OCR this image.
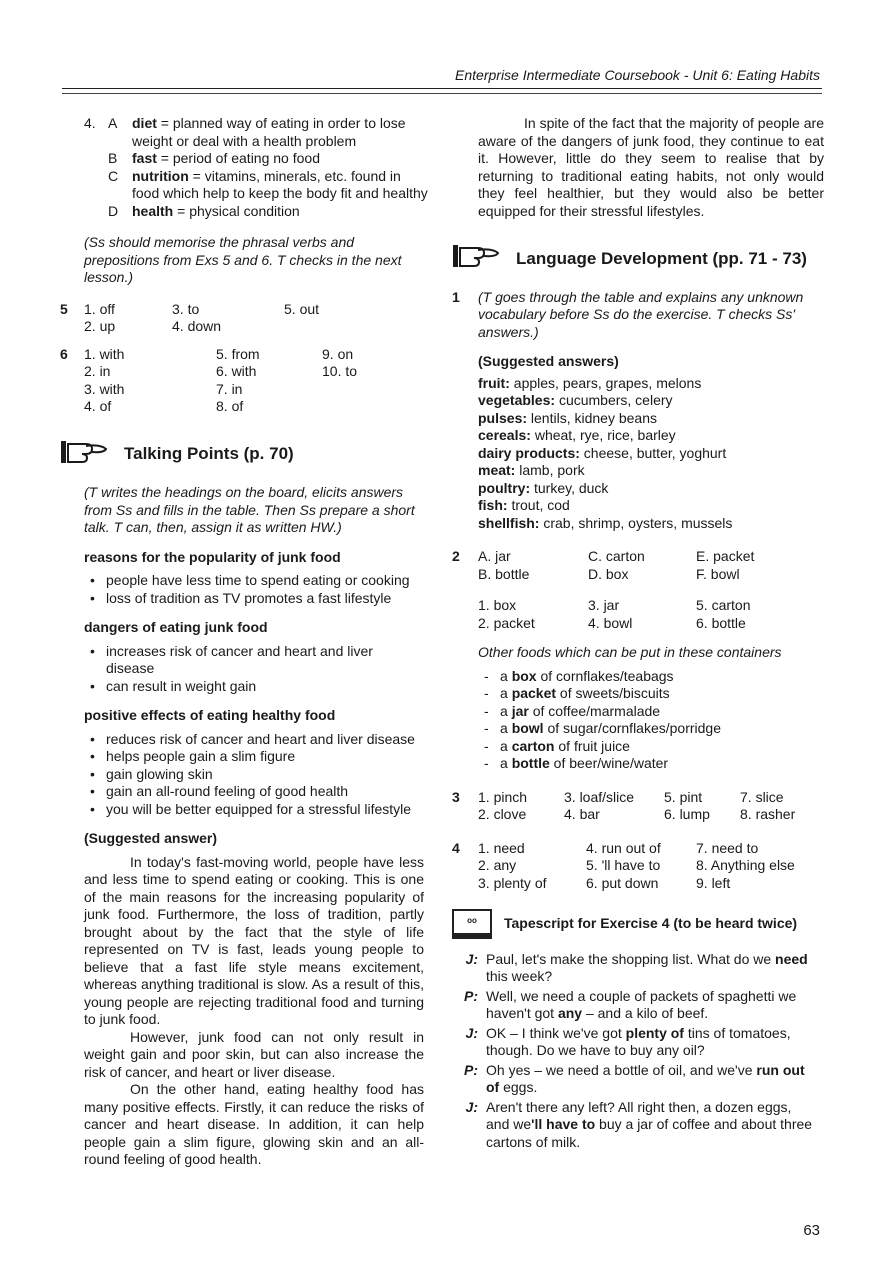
Enterprise Intermediate Coursebook - Unit 6: Eating Habits
4. A	diet = planned way of eating in order to lose weight or deal with a health problem
B	fast = period of eating no food
C nutrition = vitamins, minerals, etc. found in food which help to keep the body fit and healthy
D health = physical condition
(Ss should memorise the phrasal verbs and prepositions from Exs 5 and 6. T checks in the next lesson.)
5 1. off	3. to	5. out
2. up	4. down
6 1. with	5. from	9. on
2. in	6. with	10. to
3. with	7. in
4. of	8. of
Talking Points (p. 70)
(T writes the headings on the board, elicits answers from Ss and fills in the table. Then Ss prepare a short talk. T can, then, assign it as written HW.)
reasons for the popularity of junk food
• people have less time to spend eating or cooking
• loss of tradition as TV promotes a fast lifestyle
dangers of eating junk food
• increases risk of cancer and heart and liver disease
• can result in weight gain
positive effects of eating healthy food
• reduces risk of cancer and heart and liver disease
• helps people gain a slim figure
• gain glowing skin
• gain an all-round feeling of good health
• you will be better equipped for a stressful lifestyle
(Suggested answer)
In today's fast-moving world, people have less and less time to spend eating or cooking. This is one of the main reasons for the increasing popularity of junk food. Furthermore, the loss of tradition, partly brought about by the fact that the style of life represented on TV is fast, leads young people to believe that a fast life style means excitement, whereas anything traditional is slow. As a result of this, young people are rejecting traditional food and turning to junk food.
However, junk food can not only result in weight gain and poor skin, but can also increase the risk of cancer, and heart or liver disease.
On the other hand, eating healthy food has many positive effects. Firstly, it can reduce the risks of cancer and heart disease. In addition, it can help people gain a slim figure, glowing skin and an all-round feeling of good health.
In spite of the fact that the majority of people are aware of the dangers of junk food, they continue to eat it. However, little do they seem to realise that by returning to traditional eating habits, not only would they feel healthier, but they would also be better equipped for their stressful lifestyles.
Language Development (pp. 71 - 73)
1 (T goes through the table and explains any unknown vocabulary before Ss do the exercise. T checks Ss' answers.)
(Suggested answers)
fruit: apples, pears, grapes, melons
vegetables: cucumbers, celery
pulses: lentils, kidney beans
cereals: wheat, rye, rice, barley
dairy products: cheese, butter, yoghurt
meat: lamb, pork
poultry: turkey, duck
fish: trout, cod
shellfish: crab, shrimp, oysters, mussels
2 A. jar	C. carton	E. packet
B. bottle	D. box	F. bowl
1. box	3. jar	5. carton
2. packet	4. bowl	6. bottle
Other foods which can be put in these containers
- a box of cornflakes/teabags
- a packet of sweets/biscuits
- a jar of coffee/marmalade
- a bowl of sugar/cornflakes/porridge
- a carton of fruit juice
- a bottle of beer/wine/water
3 1. pinch	3. loaf/slice 5. pint	7. slice
2. clove	4. bar	6. lump 8. rasher
4 1. need	4. run out of	7. need to
2. any	5. 'll have to	8. Anything else
3. plenty of	6. put down	9. left
oo	Tapescript for Exercise 4 (to be heard twice)
J: Paul, let's make the shopping list. What do we need this week?
P: Well, we need a couple of packets of spaghetti we haven't got any – and a kilo of beef.
J: OK – I think we've got plenty of tins of tomatoes, though. Do we have to buy any oil?
P: Oh yes – we need a bottle of oil, and we've run out of eggs.
J: Aren't there any left? All right then, a dozen eggs, and we'll have to buy a jar of coffee and about three cartons of milk.
63
